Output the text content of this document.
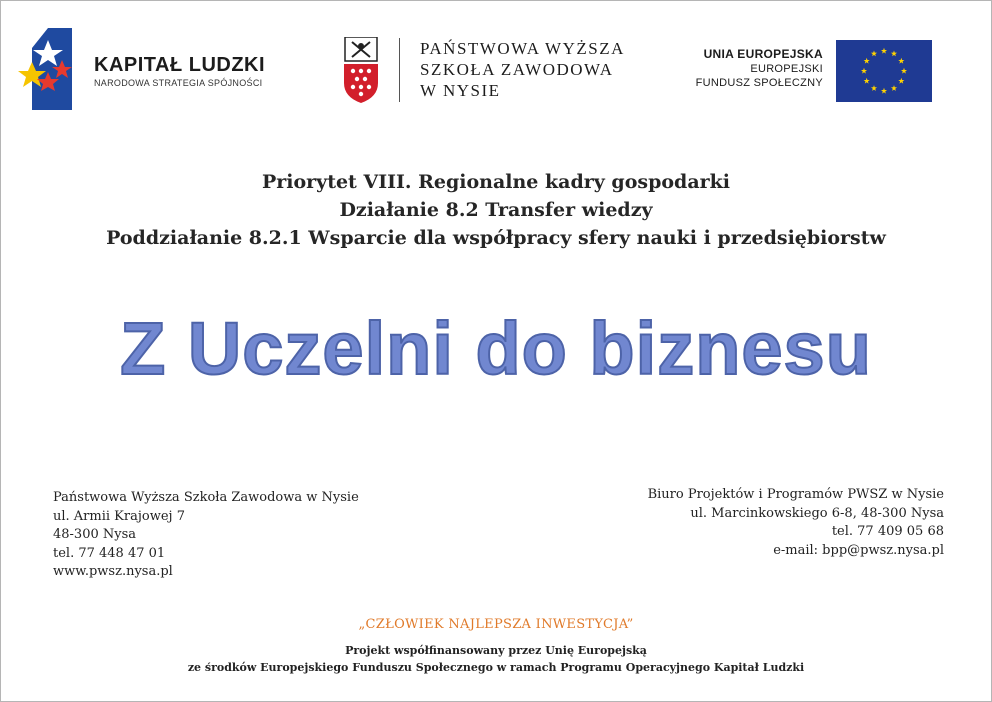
KAPITAŁ LUDZKI
NARODOWA STRATEGIA SPÓJNOŚCI
PAŃSTWOWA WYŻSZA
SZKOŁA ZAWODOWA
W NYSIE
UNIA EUROPEJSKA
EUROPEJSKI
FUNDUSZ SPOŁECZNY
Priorytet VIII. Regionalne kadry gospodarki
Działanie 8.2 Transfer wiedzy
Poddziałanie 8.2.1 Wsparcie dla współpracy sfery nauki i przedsiębiorstw
Z Uczelni do biznesu
Państwowa Wyższa Szkoła Zawodowa w Nysie
ul. Armii Krajowej 7
48-300 Nysa
tel. 77 448 47 01
www.pwsz.nysa.pl
Biuro Projektów i Programów PWSZ w Nysie
ul. Marcinkowskiego 6-8, 48-300 Nysa
tel. 77 409 05 68
e-mail: bpp@pwsz.nysa.pl
„CZŁOWIEK NAJLEPSZA INWESTYCJA”
Projekt współfinansowany przez Unię Europejską
ze środków Europejskiego Funduszu Społecznego w ramach Programu Operacyjnego Kapitał Ludzki
